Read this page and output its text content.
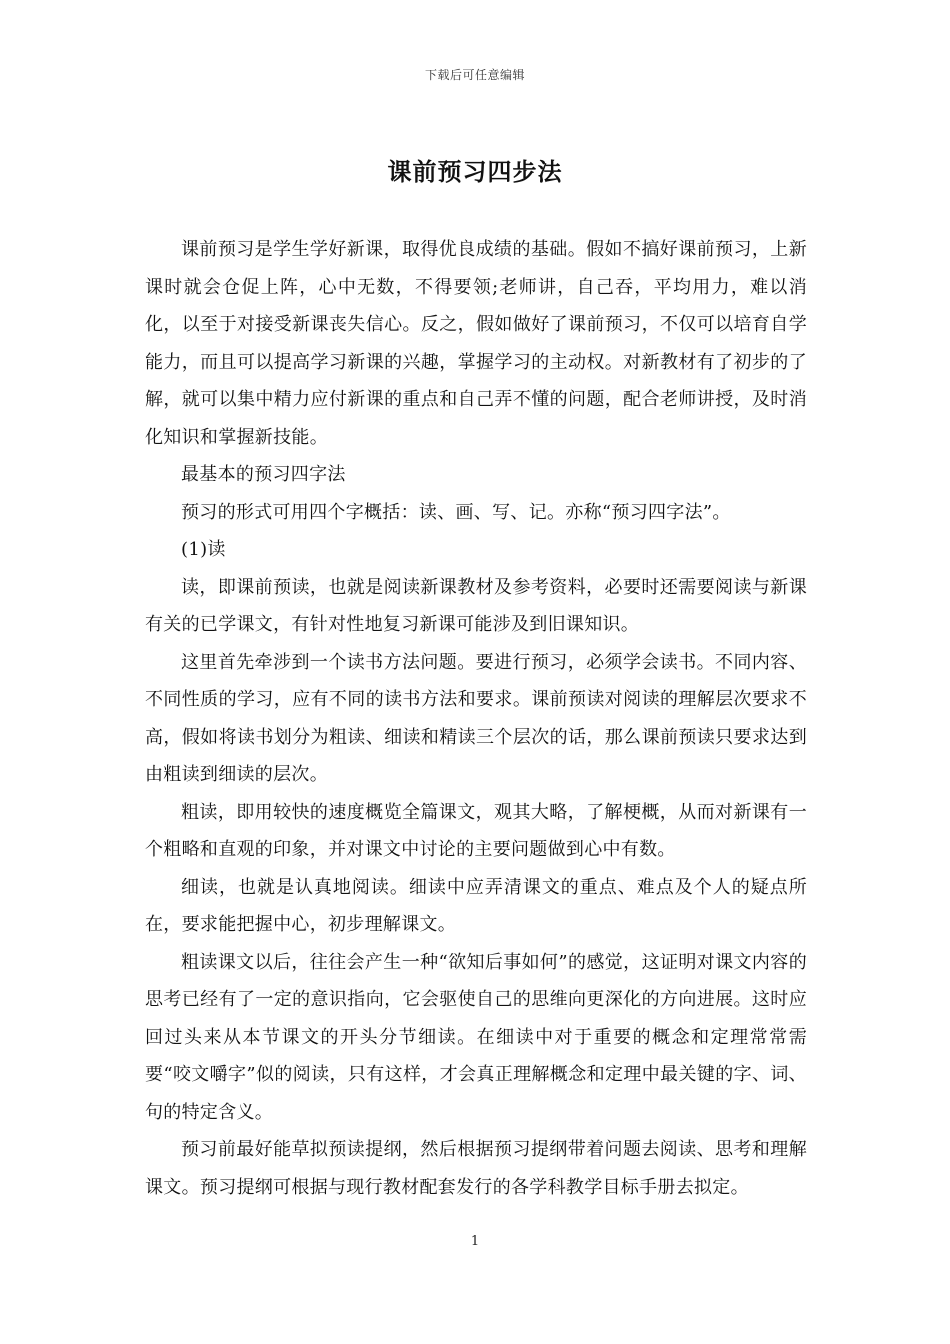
下载后可任意编辑
课前预习四步法

课前预习是学生学好新课，取得优良成绩的基础。假如不搞好课前预习，上新课时就会仓促上阵，心中无数，不得要领;老师讲，自己吞，平均用力，难以消化，以至于对接受新课丧失信心。反之，假如做好了课前预习，不仅可以培育自学能力，而且可以提高学习新课的兴趣，掌握学习的主动权。对新教材有了初步的了解，就可以集中精力应付新课的重点和自己弄不懂的问题，配合老师讲授，及时消化知识和掌握新技能。

最基本的预习四字法

预习的形式可用四个字概括：读、画、写、记。亦称“预习四字法”。

(1)读

读，即课前预读，也就是阅读新课教材及参考资料，必要时还需要阅读与新课有关的已学课文，有针对性地复习新课可能涉及到旧课知识。

这里首先牵涉到一个读书方法问题。要进行预习，必须学会读书。不同内容、不同性质的学习，应有不同的读书方法和要求。课前预读对阅读的理解层次要求不高，假如将读书划分为粗读、细读和精读三个层次的话，那么课前预读只要求达到由粗读到细读的层次。

粗读，即用较快的速度概览全篇课文，观其大略，了解梗概，从而对新课有一个粗略和直观的印象，并对课文中讨论的主要问题做到心中有数。

细读，也就是认真地阅读。细读中应弄清课文的重点、难点及个人的疑点所在，要求能把握中心，初步理解课文。

粗读课文以后，往往会产生一种“欲知后事如何”的感觉，这证明对课文内容的思考已经有了一定的意识指向，它会驱使自己的思维向更深化的方向进展。这时应回过头来从本节课文的开头分节细读。在细读中对于重要的概念和定理常常需要“咬文嚼字”似的阅读，只有这样，才会真正理解概念和定理中最关键的字、词、句的特定含义。

预习前最好能草拟预读提纲，然后根据预习提纲带着问题去阅读、思考和理解课文。预习提纲可根据与现行教材配套发行的各学科教学目标手册去拟定。

1
